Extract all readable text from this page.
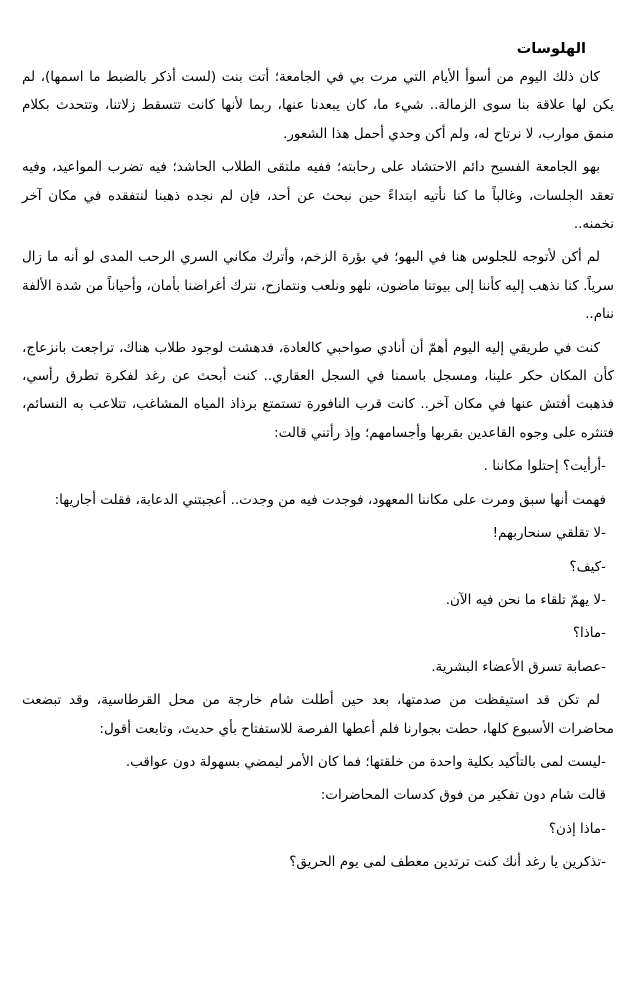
الهلوسات

كان ذلك اليوم من أسوأ الأيام التي مرت بي في الجامعة؛ أتت بنت (لست أذكر بالضبط ما اسمها)، لم يكن لها علاقة بنا سوى الزمالة.. شيء ما، كان يبعدنا عنها، ربما لأنها كانت تتسقط زلاتنا، وتتحدث بكلام منمق موارب، لا نرتاح له، ولم أكن وحدي أحمل هذا الشعور.

بهو الجامعة الفسيح دائم الاحتشاد على رحابته؛ ففيه ملتقى الطلاب الحاشد؛ فيه تضرب المواعيد، وفيه تعقد الجلسات، وغالباً ما كنا نأتيه ابتداءً حين نبحث عن أحد، فإن لم نجده ذهبنا لنتفقده في مكان آخر نخمنه..

لم أكن لأتوجه للجلوس هنا في البهو؛ في بؤرة الزخم، وأترك مكاني السري الرحب المدى لو أنه ما زال سرياً. كنا نذهب إليه كأننا إلى بيوتنا ماضون، نلهو ونلعب ونتمازح، نترك أغراضنا بأمان، وأحياناً من شدة الألفة ننام..

كنت في طريقي إليه اليوم أهمّ أن أنادي صواحبي كالعادة، فدهشت لوجود طلاب هناك، تراجعت بانزعاج، كأن المكان حكر علينا، ومسجل باسمنا في السجل العقاري.. كنت أبحث عن رغد لفكرة تطرق رأسي، فذهبت أفتش عنها في مكان آخر.. كانت قرب النافورة تستمتع برذاذ المياه المشاغب، تتلاعب به النسائم، فتنثره على وجوه القاعدين بقربها وأجسامهم؛ وإذ رأتني قالت:

-أرأيت؟ إحتلوا مكاننا .

فهمت أنها سبق ومرت على مكاننا المعهود، فوجدت فيه من وجدت.. أعجبتني الدعابة، فقلت أجاريها:

-لا تقلقي سنحاربهم!

-كيف؟

-لا يهمّ تلقاء ما نحن فيه الآن.

-ماذا؟

-عصابة تسرق الأعضاء البشرية.

لم تكن قد استيقظت من صدمتها، بعد حين أطلت شام خارجة من محل القرطاسية، وقد تبضعت محاضرات الأسبوع كلها، حطت بجوارنا فلم أعطها الفرصة للاستفتاح بأي حديث، وتابعت أقول:

-ليست لمى بالتأكيد بكلية واحدة من خلقتها؛ فما كان الأمر ليمضي بسهولة دون عواقب.

قالت شام دون تفكير من فوق كدسات المحاضرات:

-ماذا إذن؟

-تذكرين يا رغد أنك كنت ترتدين معطف لمى يوم الحريق؟
